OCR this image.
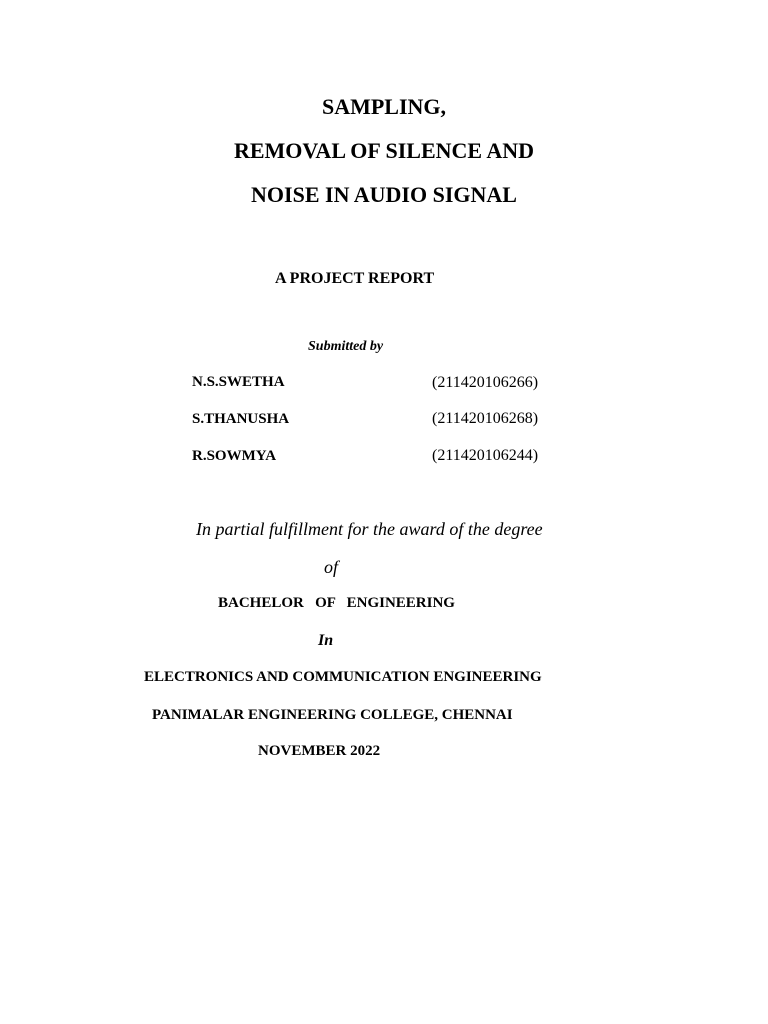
SAMPLING,
REMOVAL OF SILENCE AND
NOISE IN AUDIO SIGNAL
A PROJECT REPORT
Submitted by
N.S.SWETHA	(211420106266)
S.THANUSHA	(211420106268)
R.SOWMYA	(211420106244)
In partial fulfillment for the award of the degree
of
BACHELOR   OF   ENGINEERING
In
ELECTRONICS AND COMMUNICATION ENGINEERING
PANIMALAR ENGINEERING COLLEGE, CHENNAI
NOVEMBER 2022
